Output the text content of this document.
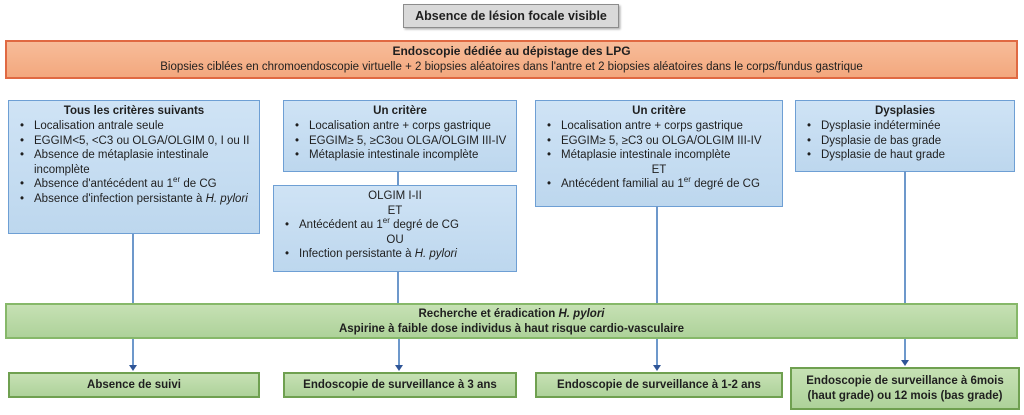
Absence de lésion focale visible
Endoscopie dédiée au dépistage des LPG
Biopsies ciblées en chromoendoscopie virtuelle + 2 biopsies aléatoires dans l'antre et 2 biopsies aléatoires dans le corps/fundus gastrique
Tous les critères suivants
• Localisation antrale seule
• EGGIM<5, <C3 ou OLGA/OLGIM 0, I ou II
• Absence de métaplasie intestinale incomplète
• Absence d'antécédent au 1er de CG
• Absence d'infection persistante à H. pylori
Un critère
• Localisation antre + corps gastrique
• EGGIM≥ 5, ≥C3ou OLGA/OLGIM III-IV
• Métaplasie intestinale incomplète
Un critère
• Localisation antre + corps gastrique
• EGGIM≥ 5, ≥C3 ou OLGA/OLGIM III-IV
• Métaplasie intestinale incomplète
ET
• Antécédent familial au 1er degré de CG
Dysplasies
• Dysplasie indéterminée
• Dysplasie de bas grade
• Dysplasie de haut grade
OLGIM I-II
ET
• Antécédent au 1er degré de CG
OU
• Infection persistante à H. pylori
Recherche et éradication H. pylori
Aspirine à faible dose individus à haut risque cardio-vasculaire
Absence de suivi	Endoscopie de surveillance à 3 ans	Endoscopie de surveillance à 1-2 ans	Endoscopie de surveillance à 6mois (haut grade) ou 12 mois (bas grade)
